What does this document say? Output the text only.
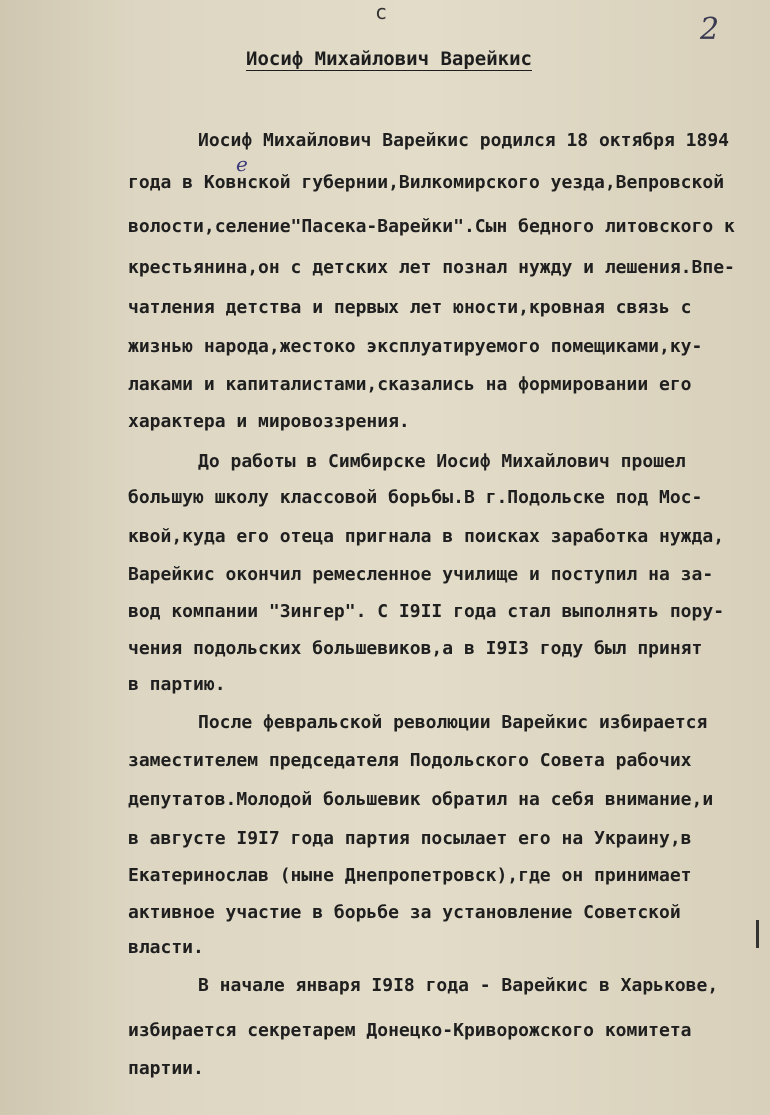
с	2
Иосиф Михайлович Варейкис
е
Иосиф Михайлович Варейкис родился 18 октября 1894
года в Ковнской губернии,Вилкомирского уезда,Вепровской
волости,селение"Пасека-Варейки".Сын бедного литовского к
крестьянина,он с детских лет познал нужду и лешения.Впе-
чатления детства и первых лет юности,кровная связь с
жизнью народа,жестоко эксплуатируемого помещиками,ку-
лаками и капиталистами,сказались на формировании его
характера и мировоззрения.
До работы в Симбирске Иосиф Михайлович прошел
большую школу классовой борьбы.В г.Подольске под Мос-
квой,куда его отеца пригнала в поисках заработка нужда,
Варейкис окончил ремесленное училище и поступил на за-
вод компании "Зингер". С I9II года стал выполнять пору-
чения подольских большевиков,а в I9I3 году был принят
в партию.
После февральской революции Варейкис избирается
заместителем председателя Подольского Совета рабочих
депутатов.Молодой большевик обратил на себя внимание,и
в августе I9I7 года партия посылает его на Украину,в
Екатеринослав (ныне Днепропетровск),где он принимает
активное участие в борьбе за установление Советской
власти.
В начале января I9I8 года - Варейкис в Харькове,
избирается секретарем Донецко-Криворожского комитета
партии.
